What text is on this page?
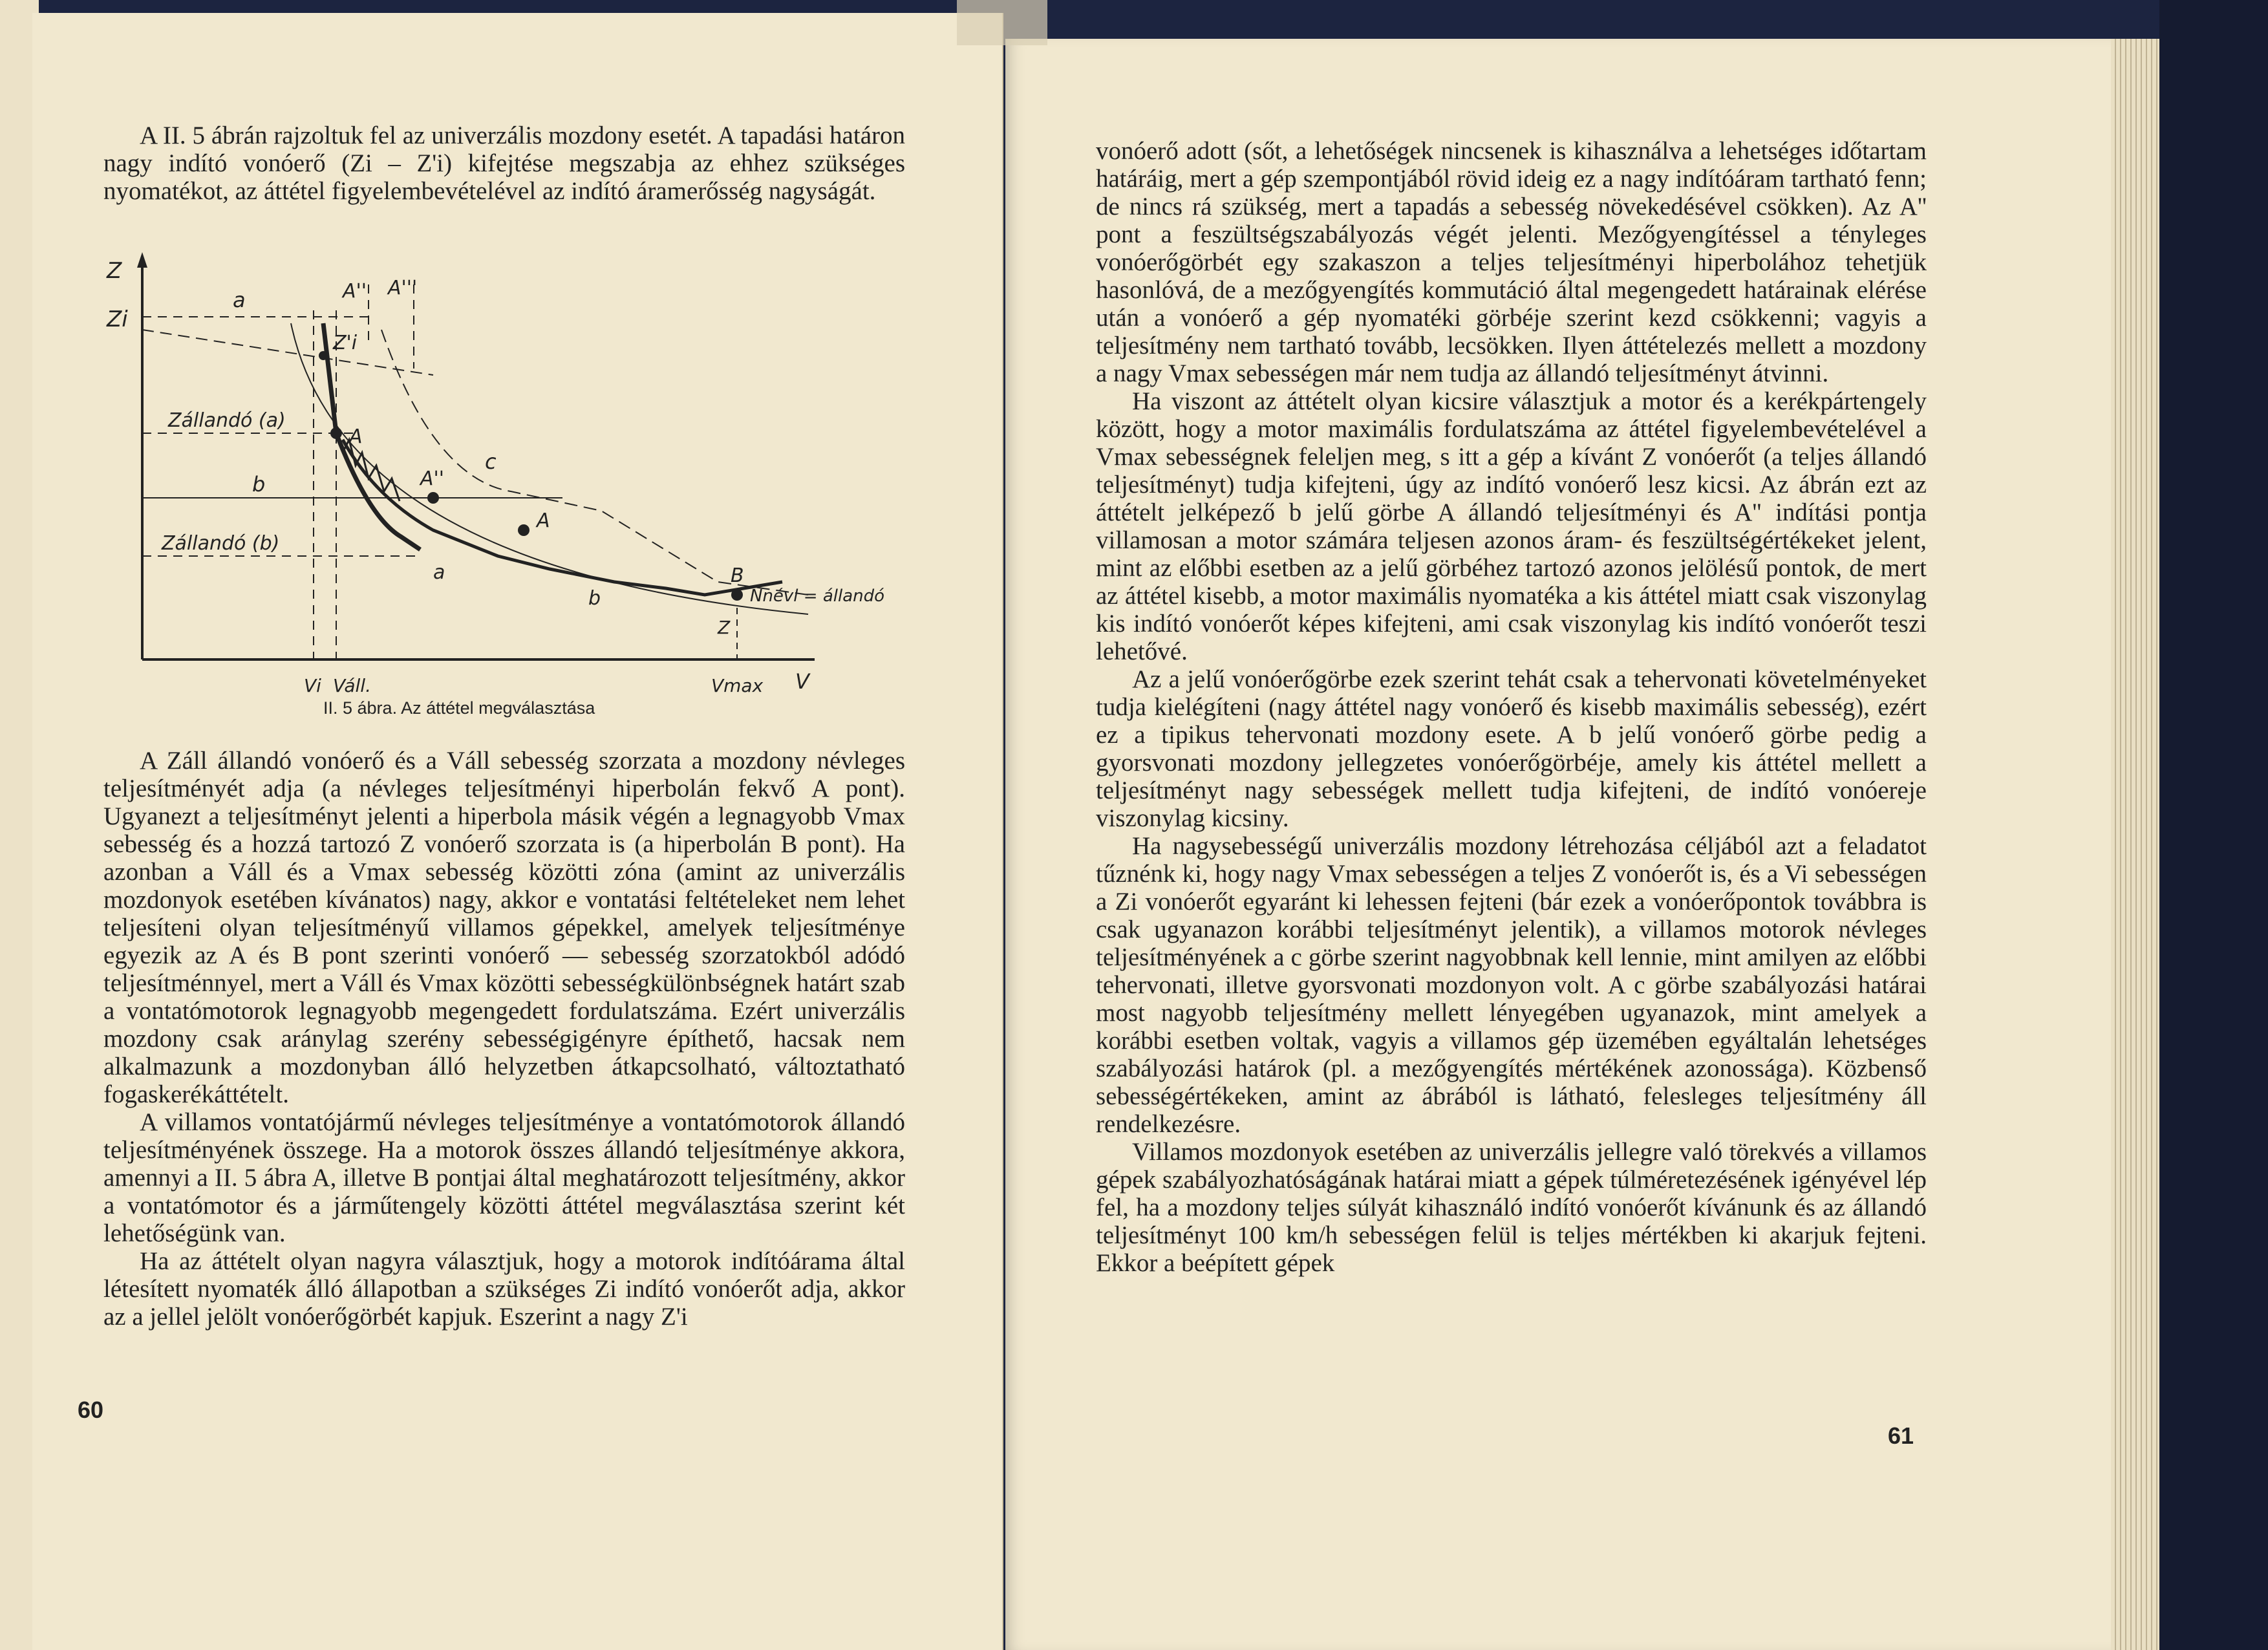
A II. 5 ábrán rajzoltuk fel az univerzális mozdony esetét. A tapadási határon nagy indító vonóerő (Zi – Z'i) kifejtése megszabja az ehhez szükséges nyomatékot, az áttétel figyelembevételével az indító áramerősség nagyságát.

Z
Zi
a	A'' A'''
Z'i
Zállandó (a)
A
b	A''
c
A
Zállandó (b)
a
b
B
Nnévl = állandó
Z
Vi Váll.	Vmax V
II. 5 ábra. Az áttétel megválasztása

A Záll állandó vonóerő és a Váll sebesség szorzata a mozdony névleges teljesítményét adja (a névleges teljesítményi hiperbolán fekvő A pont). Ugyanezt a teljesítményt jelenti a hiperbola másik végén a legnagyobb Vmax sebesség és a hozzá tartozó Z vonóerő szorzata is (a hiperbolán B pont). Ha azonban a Váll és a Vmax sebesség közötti zóna (amint az univerzális mozdonyok esetében kívánatos) nagy, akkor e vontatási feltételeket nem lehet teljesíteni olyan teljesítményű villamos gépekkel, amelyek teljesítménye egyezik az A és B pont szerinti vonóerő — sebesség szorzatokból adódó teljesítménnyel, mert a Váll és Vmax közötti sebességkülönbségnek határt szab a vontatómotorok legnagyobb megengedett fordulatszáma. Ezért univerzális mozdony csak aránylag szerény sebességigényre építhető, hacsak nem alkalmazunk a mozdonyban álló helyzetben átkapcsolható, változtatható fogaskerékáttételt.

A villamos vontatójármű névleges teljesítménye a vontatómotorok állandó teljesítményének összege. Ha a motorok összes állandó teljesítménye akkora, amennyi a II. 5 ábra A, illetve B pontjai által meghatározott teljesítmény, akkor a vontatómotor és a járműtengely közötti áttétel megválasztása szerint két lehetőségünk van.

Ha az áttételt olyan nagyra választjuk, hogy a motorok indítóárama által létesített nyomaték álló állapotban a szükséges Zi indító vonóerőt adja, akkor az a jellel jelölt vonóerőgörbét kapjuk. Eszerint a nagy Z'i

60

vonóerő adott (sőt, a lehetőségek nincsenek is kihasználva a lehetséges időtartam határáig, mert a gép szempontjából rövid ideig ez a nagy indítóáram tartható fenn; de nincs rá szükség, mert a tapadás a sebesség növekedésével csökken). Az A'' pont a feszültségszabályozás végét jelenti. Mezőgyengítéssel a tényleges vonóerőgörbét egy szakaszon a teljes teljesítményi hiperbolához tehetjük hasonlóvá, de a mezőgyengítés kommutáció által megengedett határainak elérése után a vonóerő a gép nyomatéki görbéje szerint kezd csökkenni; vagyis a teljesítmény nem tartható tovább, lecsökken. Ilyen áttételezés mellett a mozdony a nagy Vmax sebességen már nem tudja az állandó teljesítményt átvinni.

Ha viszont az áttételt olyan kicsire választjuk a motor és a kerékpártengely között, hogy a motor maximális fordulatszáma az áttétel figyelembevételével a Vmax sebességnek feleljen meg, s itt a gép a kívánt Z vonóerőt (a teljes állandó teljesítményt) tudja kifejteni, úgy az indító vonóerő lesz kicsi. Az ábrán ezt az áttételt jelképező b jelű görbe A állandó teljesítményi és A'' indítási pontja villamosan a motor számára teljesen azonos áram- és feszültségértékeket jelent, mint az előbbi esetben az a jelű görbéhez tartozó azonos jelölésű pontok, de mert az áttétel kisebb, a motor maximális nyomatéka a kis áttétel miatt csak viszonylag kis indító vonóerőt képes kifejteni, ami csak viszonylag kis indító vonóerőt teszi lehetővé.

Az a jelű vonóerőgörbe ezek szerint tehát csak a tehervonati követelményeket tudja kielégíteni (nagy áttétel nagy vonóerő és kisebb maximális sebesség), ezért ez a tipikus tehervonati mozdony esete. A b jelű vonóerő görbe pedig a gyorsvonati mozdony jellegzetes vonóerőgörbéje, amely kis áttétel mellett a teljesítményt nagy sebességek mellett tudja kifejteni, de indító vonóereje viszonylag kicsiny.

Ha nagysebességű univerzális mozdony létrehozása céljából azt a feladatot tűznénk ki, hogy nagy Vmax sebességen a teljes Z vonóerőt is, és a Vi sebességen a Zi vonóerőt egyaránt ki lehessen fejteni (bár ezek a vonóerőpontok továbbra is csak ugyanazon korábbi teljesítményt jelentik), a villamos motorok névleges teljesítményének a c görbe szerint nagyobbnak kell lennie, mint amilyen az előbbi tehervonati, illetve gyorsvonati mozdonyon volt. A c görbe szabályozási határai most nagyobb teljesítmény mellett lényegében ugyanazok, mint amelyek a korábbi esetben voltak, vagyis a villamos gép üzemében egyáltalán lehetséges szabályozási határok (pl. a mezőgyengítés mértékének azonossága). Közbenső sebességértékeken, amint az ábrából is látható, felesleges teljesítmény áll rendelkezésre.

Villamos mozdonyok esetében az univerzális jellegre való törekvés a villamos gépek szabályozhatóságának határai miatt a gépek túlméretezésének igényével lép fel, ha a mozdony teljes súlyát kihasználó indító vonóerőt kívánunk és az állandó teljesítményt 100 km/h sebességen felül is teljes mértékben ki akarjuk fejteni. Ekkor a beépített gépek

61
